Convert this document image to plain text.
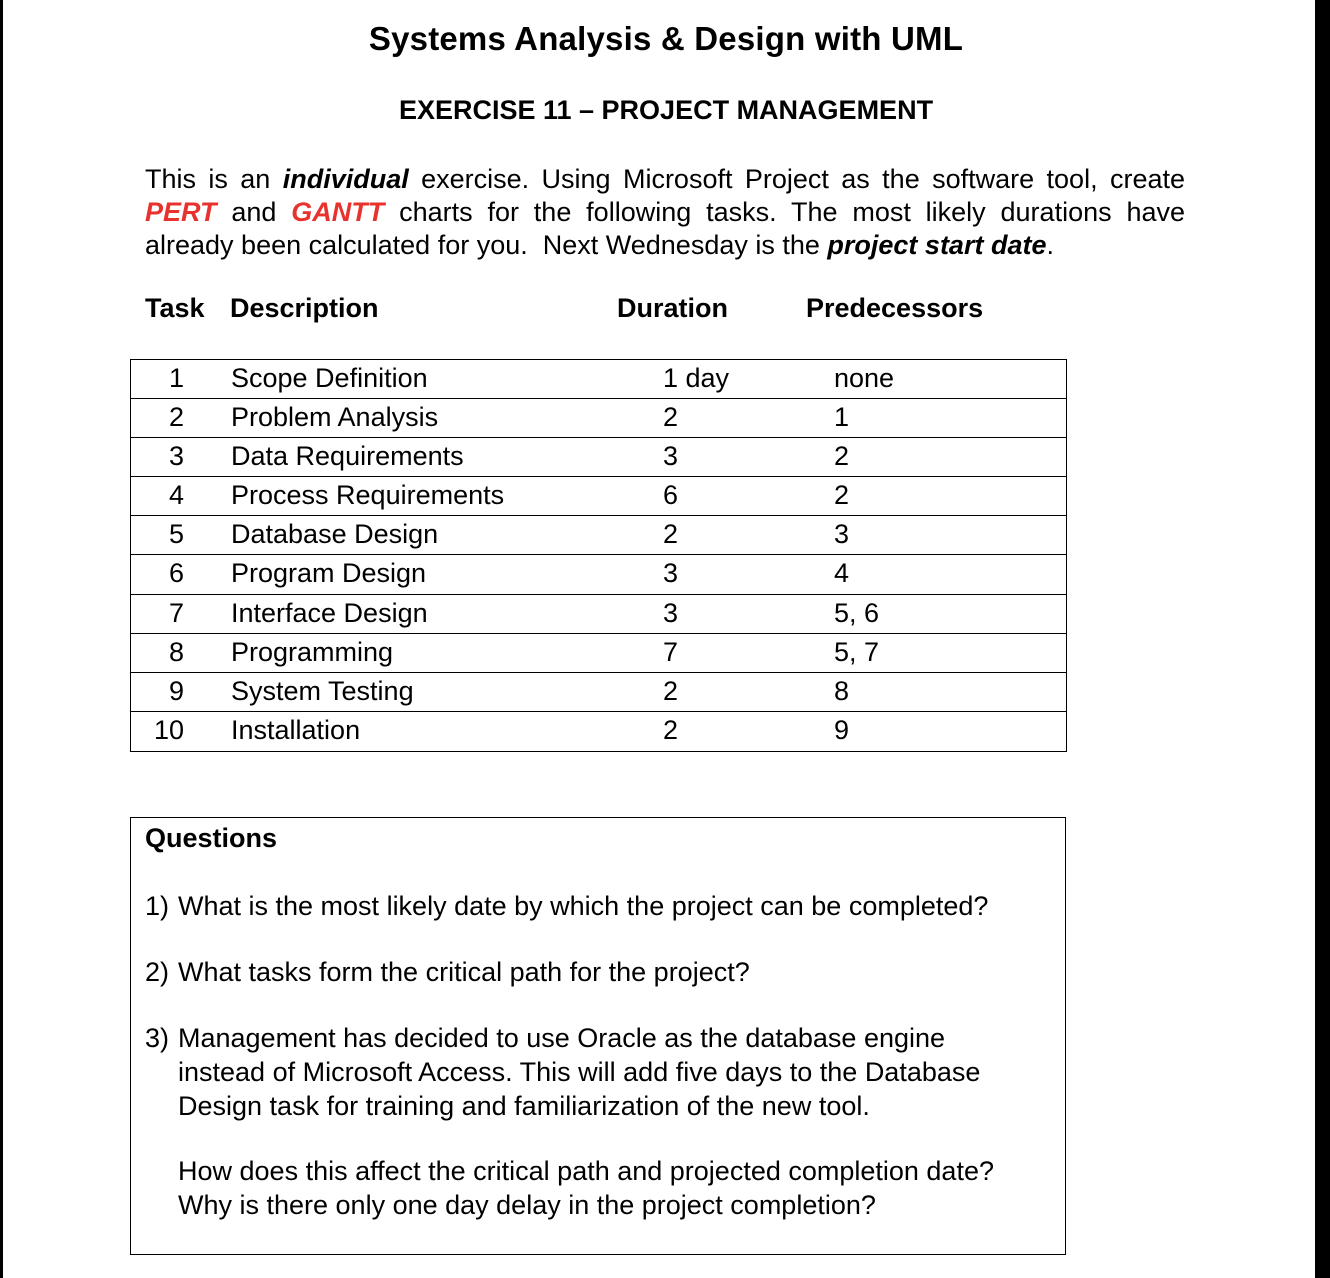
Systems Analysis & Design with UML
EXERCISE 11 – PROJECT MANAGEMENT

This is an individual exercise. Using Microsoft Project as the software tool, create PERT and GANTT charts for the following tasks. The most likely durations have already been calculated for you.  Next Wednesday is the project start date.

Task Description	Duration	Predecessors
1 Scope Definition	1 day	none
2 Problem Analysis	2	1
3 Data Requirements	3	2
4 Process Requirements	6	2
5 Database Design	2	3
6 Program Design	3	4
7 Interface Design	3	5, 6
8 Programming	7	5, 7
9 System Testing	2	8
10 Installation	2	9
Questions

1) What is the most likely date by which the project can be completed?

2) What tasks form the critical path for the project?

3) Management has decided to use Oracle as the database engine

instead of Microsoft Access. This will add five days to the Database

Design task for training and familiarization of the new tool.

How does this affect the critical path and projected completion date?

Why is there only one day delay in the project completion?
